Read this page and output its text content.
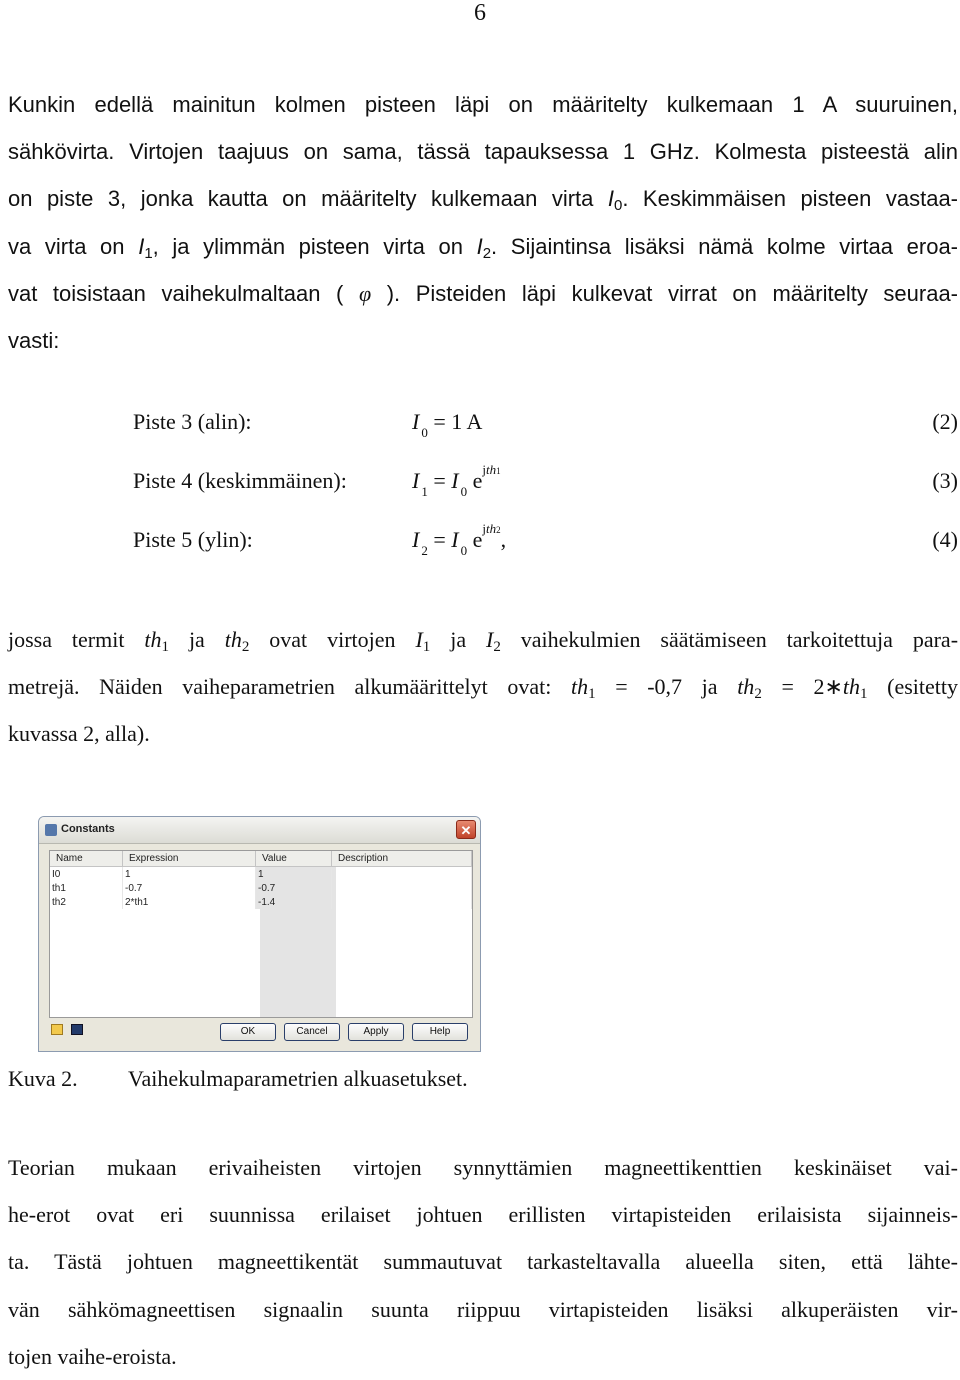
6
Kunkin edellä mainitun kolmen pisteen läpi on määritelty kulkemaan 1 A suuruinen,
sähkövirta. Virtojen taajuus on sama, tässä tapauksessa 1 GHz. Kolmesta pisteestä alin
on piste 3, jonka kautta on määritelty kulkemaan virta I0. Keskimmäisen pisteen vastaa-
va virta on I1, ja ylimmän pisteen virta on I2. Sijaintinsa lisäksi nämä kolme virtaa eroa-
vat toisistaan vaihekulmaltaan ( φ ). Pisteiden läpi kulkevat virrat on määritelty seuraa-
vasti:
Piste 3 (alin):	I $_0$ = 1 A	(2)
Piste 4 (keskimmäinen):	I $_1$ = I $_0$ $e^{jth1}$	(3)
Piste 5 (ylin):	I $_2$ = I $_0$ $e^{jth2}$,	(4)
jossa termit th1 ja th2 ovat virtojen I1 ja I2 vaihekulmien säätämiseen tarkoitettuja para-
metrejä. Näiden vaiheparametrien alkumäärittelyt ovat: th1 = -0,7 ja th2 = 2∗th1 (esitetty
kuvassa 2, alla).
Constants	✕
Name	Expression	Value	Description
I0	1	1	
th1	-0.7	-0.7	
th2	2*th1	-1.4	
OK	Cancel	Apply	Help
Kuva 2. Vaihekulmaparametrien alkuasetukset.
Teorian mukaan erivaiheisten virtojen synnyttämien magneettikenttien keskinäiset vai-
he-erot ovat eri suunnissa erilaiset johtuen erillisten virtapisteiden erilaisista sijainneis-
ta. Tästä johtuen magneettikentät summautuvat tarkasteltavalla alueella siten, että lähte-
vän sähkömagneettisen signaalin suunta riippuu virtapisteiden lisäksi alkuperäisten vir-
tojen vaihe-eroista.
